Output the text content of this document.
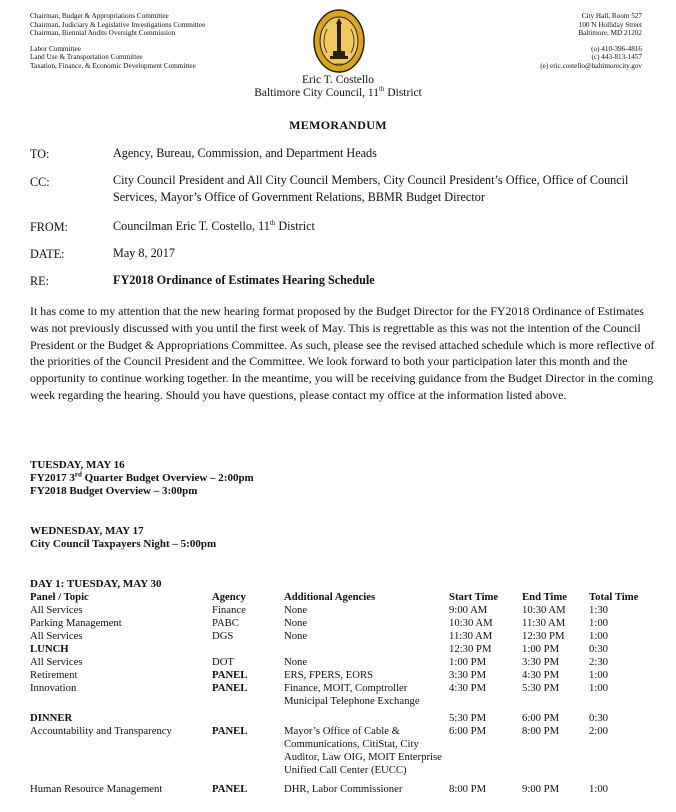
Chairman, Budget & Appropriations Committee
Chairman, Judiciary & Legislative Investigations Committee
Chairman, Biennial Audits Oversight Commission
Labor Committee
Land Use & Transportation Committee
Taxation, Finance, & Economic Development Committee	1797
City Hall, Room 527
100 N Holliday Street
Baltimore, MD 21202
(o) 410-396-4816
(c) 443-813-1457
(e) eric.costello@baltimorecity.gov
Eric T. Costello
Baltimore City Council, 11th District
MEMORANDUM
TO:	Agency, Bureau, Commission, and Department Heads
CC:	City Council President and All City Council Members, City Council President’s Office, Office of Council Services, Mayor’s Office of Government Relations, BBMR Budget Director
FROM:	Councilman Eric T. Costello, 11th District
DATE:	May 8, 2017
RE:	FY2018 Ordinance of Estimates Hearing Schedule
It has come to my attention that the new hearing format proposed by the Budget Director for the FY2018 Ordinance of Estimates was not previously discussed with you until the first week of May. This is regrettable as this was not the intention of the Council President or the Budget & Appropriations Committee. As such, please see the revised attached schedule which is more reflective of the priorities of the Council President and the Committee. We look forward to both your participation later this month and the opportunity to continue working together. In the meantime, you will be receiving guidance from the Budget Director in the coming week regarding the hearing. Should you have questions, please contact my office at the information listed above.
TUESDAY, MAY 16
FY2017 3rd Quarter Budget Overview – 2:00pm
FY2018 Budget Overview – 3:00pm
WEDNESDAY, MAY 17
City Council Taxpayers Night – 5:00pm
DAY 1: TUESDAY, MAY 30
Panel / Topic	Agency	Additional Agencies	Start Time	End Time	Total Time
All Services	Finance	None	9:00 AM	10:30 AM	1:30
Parking Management	PABC	None	10:30 AM	11:30 AM	1:00
All Services	DGS	None	11:30 AM	12:30 PM	1:00
LUNCH			12:30 PM	1:00 PM	0:30
All Services	DOT	None	1:00 PM	3:30 PM	2:30
Retirement	PANEL	ERS, FPERS, EORS	3:30 PM	4:30 PM	1:00
Innovation	PANEL	Finance, MOIT, Comptroller Municipal Telephone Exchange	4:30 PM	5:30 PM	1:00

DINNER			5:30 PM	6:00 PM	0:30
Accountability and Transparency	PANEL	Mayor’s Office of Cable & Communications, CitiStat, City Auditor, Law OIG, MOIT Enterprise Unified Call Center (EUCC)	6:00 PM	8:00 PM	2:00

Human Resource Management	PANEL	DHR, Labor Commissioner	8:00 PM	9:00 PM	1:00
